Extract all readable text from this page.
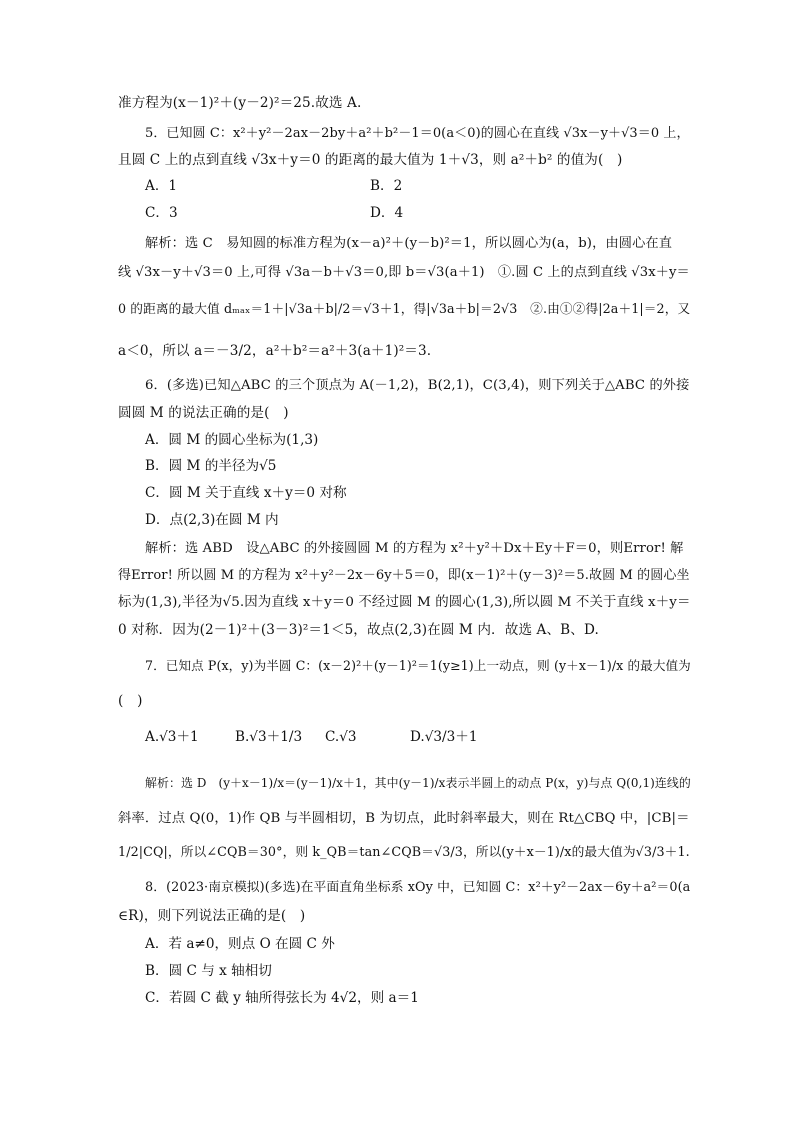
准方程为(x－1)²＋(y－2)²＝25.故选 A.
5．已知圆 C：x²＋y²－2ax－2by＋a²＋b²－1＝0(a＜0)的圆心在直线 √3x－y＋√3＝0 上，
且圆 C 上的点到直线 √3x＋y＝0 的距离的最大值为 1＋√3，则 a²＋b² 的值为(　)
A．1	B．2
C．3	D．4
解析：选 C　易知圆的标准方程为(x－a)²＋(y－b)²＝1，所以圆心为(a，b)，由圆心在直
线 √3x－y＋√3＝0 上,可得 √3a－b＋√3＝0,即 b＝√3(a＋1)　①.圆 C 上的点到直线 √3x＋y＝
0 的距离的最大值 dₘₐₓ＝1＋|√3a＋b|/2＝√3＋1，得|√3a＋b|＝2√3　②.由①②得|2a＋1|＝2，又
a＜0，所以 a＝－3/2，a²＋b²＝a²＋3(a＋1)²＝3.
6．(多选)已知△ABC 的三个顶点为 A(－1,2)，B(2,1)，C(3,4)，则下列关于△ABC 的外接
圆圆 M 的说法正确的是(　)
A．圆 M 的圆心坐标为(1,3)
B．圆 M 的半径为√5
C．圆 M 关于直线 x＋y＝0 对称
D．点(2,3)在圆 M 内
解析：选 ABD　设△ABC 的外接圆圆 M 的方程为 x²＋y²＋Dx＋Ey＋F＝0，则Error! 解
得Error! 所以圆 M 的方程为 x²＋y²－2x－6y＋5＝0，即(x－1)²＋(y－3)²＝5.故圆 M 的圆心坐
标为(1,3),半径为√5.因为直线 x＋y＝0 不经过圆 M 的圆心(1,3),所以圆 M 不关于直线 x＋y＝
0 对称．因为(2－1)²＋(3－3)²＝1＜5，故点(2,3)在圆 M 内．故选 A、B、D.
7．已知点 P(x，y)为半圆 C：(x－2)²＋(y－1)²＝1(y≥1)上一动点，则 (y＋x－1)/x 的最大值为
(　)
A.√3＋1	B.√3＋1/3 C.√3	D.√3/3＋1
解析：选 D　(y＋x－1)/x＝(y－1)/x＋1，其中(y－1)/x表示半圆上的动点 P(x，y)与点 Q(0,1)连线的
斜率．过点 Q(0，1)作 QB 与半圆相切，B 为切点，此时斜率最大，则在 Rt△CBQ 中，|CB|＝
1/2|CQ|，所以∠CQB＝30°，则 k_QB＝tan∠CQB＝√3/3，所以(y＋x－1)/x的最大值为√3/3＋1.
8．(2023·南京模拟)(多选)在平面直角坐标系 xOy 中，已知圆 C：x²＋y²－2ax－6y＋a²＝0(a
∈R)，则下列说法正确的是(　)
A．若 a≠0，则点 O 在圆 C 外
B．圆 C 与 x 轴相切
C．若圆 C 截 y 轴所得弦长为 4√2，则 a＝1
